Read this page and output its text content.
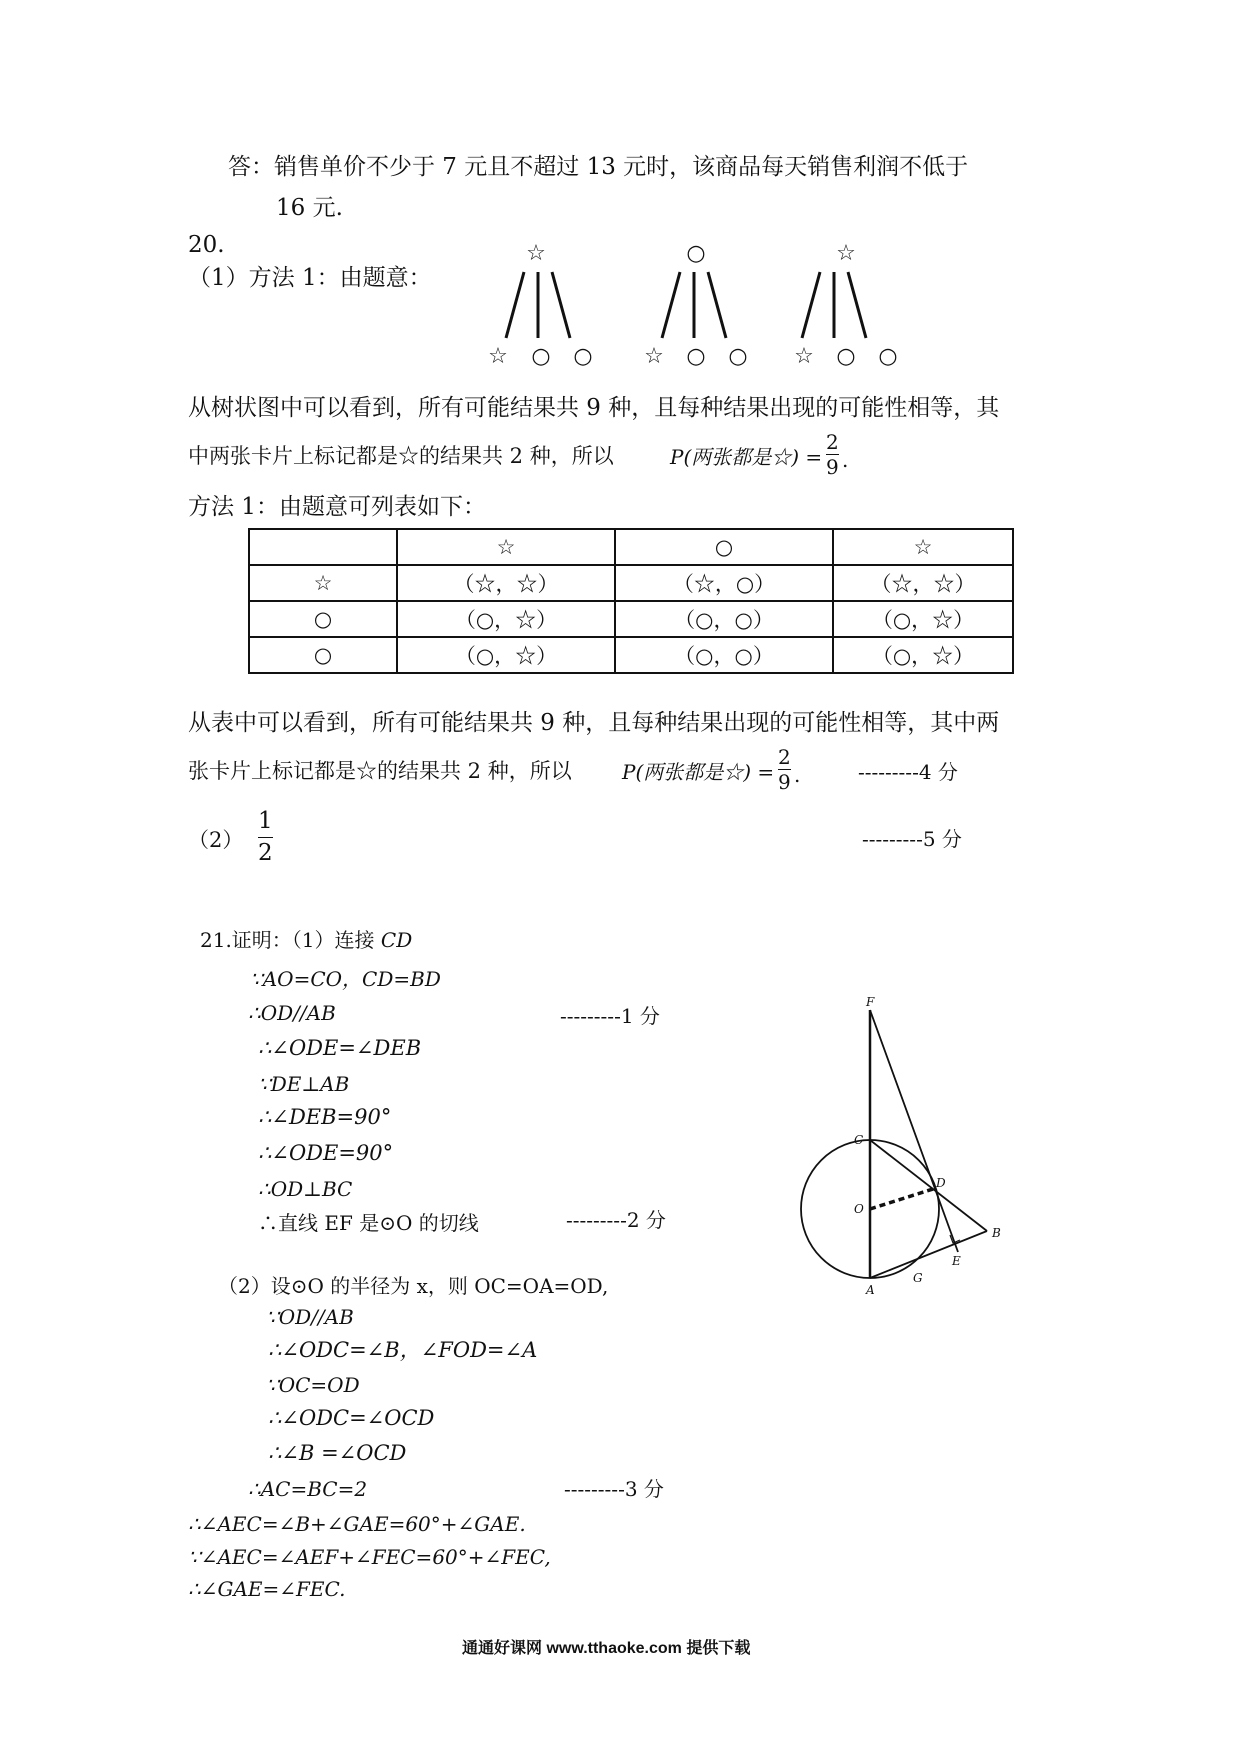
答：销售单价不少于 7 元且不超过 13 元时，该商品每天销售利润不低于
16 元.
20.
（1）方法 1：由题意：
☆	○	☆
☆ ○ ○ ☆ ○ ○ ☆ ○ ○
从树状图中可以看到，所有可能结果共 9 种，且每种结果出现的可能性相等，其
中两张卡片上标记都是☆的结果共 2 种，所以	P(两张都是☆) =
2
9 .
方法 1：由题意可列表如下：
	☆	○	☆
☆	（☆，☆）	（☆，○）	（☆，☆）
○	（○，☆）	（○，○）	（○，☆）
○	（○，☆）	（○，○）	（○，☆）
从表中可以看到，所有可能结果共 9 种，且每种结果出现的可能性相等，其中两
张卡片上标记都是☆的结果共 2 种，所以	P(两张都是☆) =
2
9 .	---------4 分
（2）
1
2
---------5 分
21.证明：（1）连接 CD
∵AO=CO，CD=BD
∴OD//AB
∴∠ODE=∠DEB
∵DE⊥AB
∴∠DEB=90°
∴∠ODE=90°
∴OD⊥BC
∴直线 EF 是⊙O 的切线
---------1 分
---------2 分
（2）设⊙O 的半径为 x，则 OC=OA=OD,
∵OD//AB
∴∠ODC=∠B，∠FOD=∠A
∵OC=OD
∴∠ODC=∠OCD
∴∠B =∠OCD
∴AC=BC=2	---------3 分
∴∠AEC=∠B+∠GAE=60°+∠GAE.
∵∠AEC=∠AEF+∠FEC=60°+∠FEC,
∴∠GAE=∠FEC.
F
C
D
O
B
E
G
A
通通好课网 www.tthaoke.com 提供下载
